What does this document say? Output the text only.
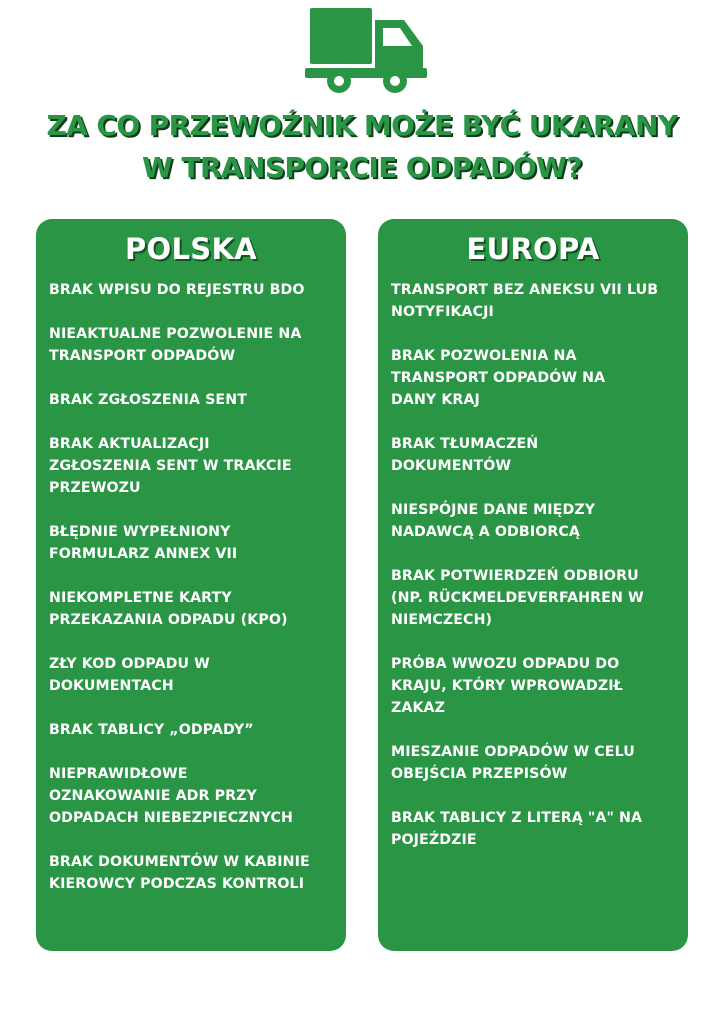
ZA CO PRZEWOŹNIK MOŻE BYĆ UKARANY
W TRANSPORCIE ODPADÓW?
POLSKA
BRAK WPISU DO REJESTRU BDO
NIEAKTUALNE POZWOLENIE NA
TRANSPORT ODPADÓW
BRAK ZGŁOSZENIA SENT
BRAK AKTUALIZACJI
ZGŁOSZENIA SENT W TRAKCIE
PRZEWOZU
BŁĘDNIE WYPEŁNIONY
FORMULARZ ANNEX VII
NIEKOMPLETNE KARTY
PRZEKAZANIA ODPADU (KPO)
ZŁY KOD ODPADU W
DOKUMENTACH
BRAK TABLICY „ODPADY”
NIEPRAWIDŁOWE
OZNAKOWANIE ADR PRZY
ODPADACH NIEBEZPIECZNYCH
BRAK DOKUMENTÓW W KABINIE
KIEROWCY PODCZAS KONTROLI
EUROPA
TRANSPORT BEZ ANEKSU VII LUB
NOTYFIKACJI
BRAK POZWOLENIA NA
TRANSPORT ODPADÓW NA
DANY KRAJ
BRAK TŁUMACZEŃ
DOKUMENTÓW
NIESPÓJNE DANE MIĘDZY
NADAWCĄ A ODBIORCĄ
BRAK POTWIERDZEŃ ODBIORU
(NP. RÜCKMELDEVERFAHREN W
NIEMCZECH)
PRÓBA WWOZU ODPADU DO
KRAJU, KTÓRY WPROWADZIŁ
ZAKAZ
MIESZANIE ODPADÓW W CELU
OBEJŚCIA PRZEPISÓW
BRAK TABLICY Z LITERĄ "A" NA
POJEŹDZIE
